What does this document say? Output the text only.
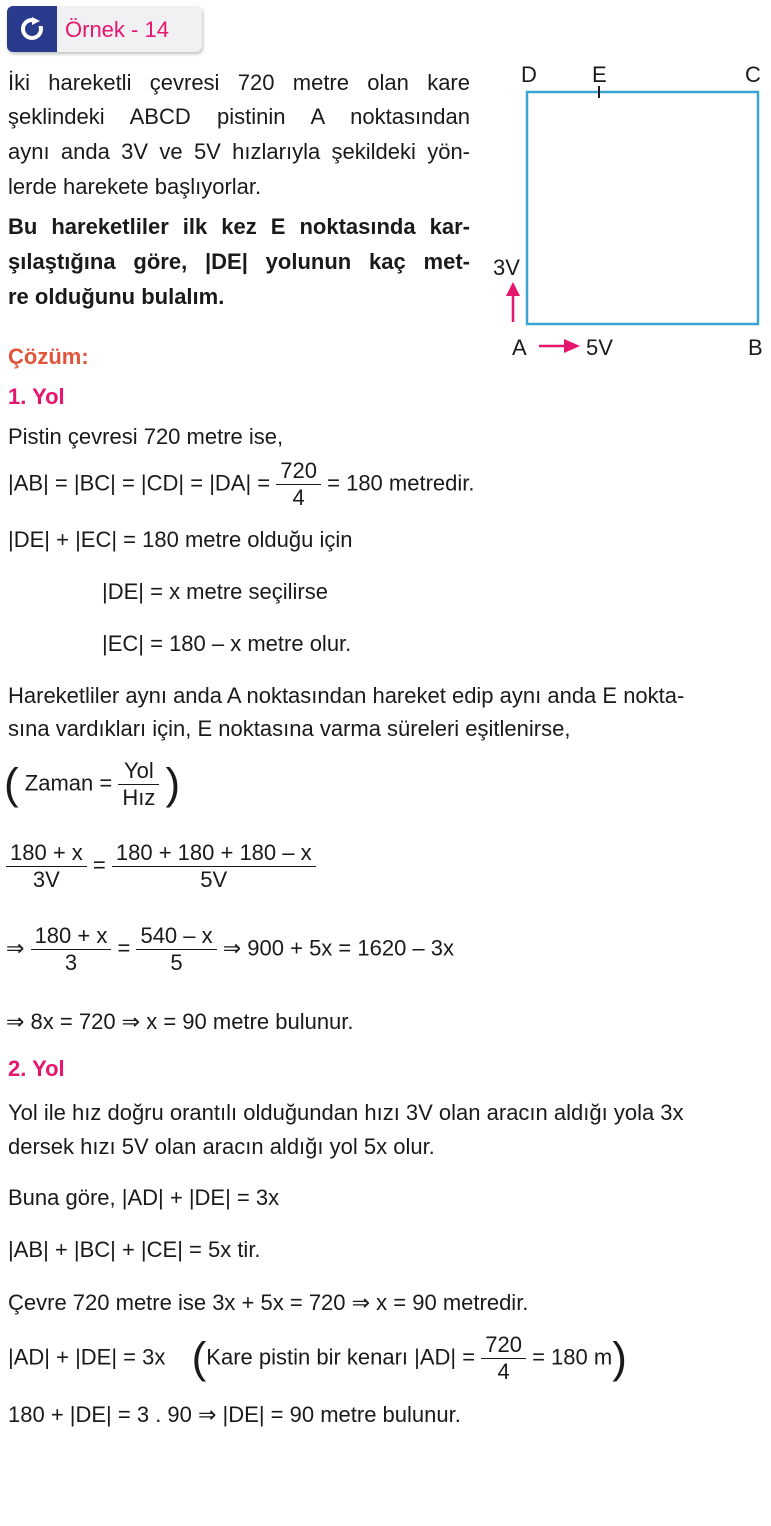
Örnek - 14
İki hareketli çevresi 720 metre olan kare
şeklindeki ABCD pistinin A noktasından
aynı anda 3V ve 5V hızlarıyla şekildeki yön-
lerde harekete başlıyorlar.
Bu hareketliler ilk kez E noktasında kar-
şılaştığına göre, |DE| yolunun kaç met-
re olduğunu bulalım.
D	E	C
3V
A	5V	B
Çözüm:
1. Yol
Pistin çevresi 720 metre ise,
$|AB| = |BC| = |CD| = |DA| = \frac{720}{4} = 180$ metredir.
|DE| + |EC| = 180 metre olduğu için
|DE| = x metre seçilirse
|EC| = 180 – x metre olur.
Hareketliler aynı anda A noktasından hareket edip aynı anda E nokta-
sına vardıkları için, E noktasına varma süreleri eşitlenirse,
( Zaman = $\frac{\text{Yol}}{\text{Hız}}$ )
$\frac{180 + x}{3V} = \frac{180 + 180 + 180 - x}{5V}$
⇒ $\frac{180 + x}{3} = \frac{540 - x}{5}$ ⇒ 900 + 5x = 1620 – 3x
⇒ 8x = 720 ⇒ x = 90 metre bulunur.
2. Yol
Yol ile hız doğru orantılı olduğundan hızı 3V olan aracın aldığı yola 3x
dersek hızı 5V olan aracın aldığı yol 5x olur.
Buna göre, |AD| + |DE| = 3x
|AB| + |BC| + |CE| = 5x tir.
Çevre 720 metre ise 3x + 5x = 720 ⇒ x = 90 metredir.
|AD| + |DE| = 3x (Kare pistin bir kenarı $|AD| = \frac{720}{4} = 180$ m)
180 + |DE| = 3 . 90 ⇒ |DE| = 90 metre bulunur.
